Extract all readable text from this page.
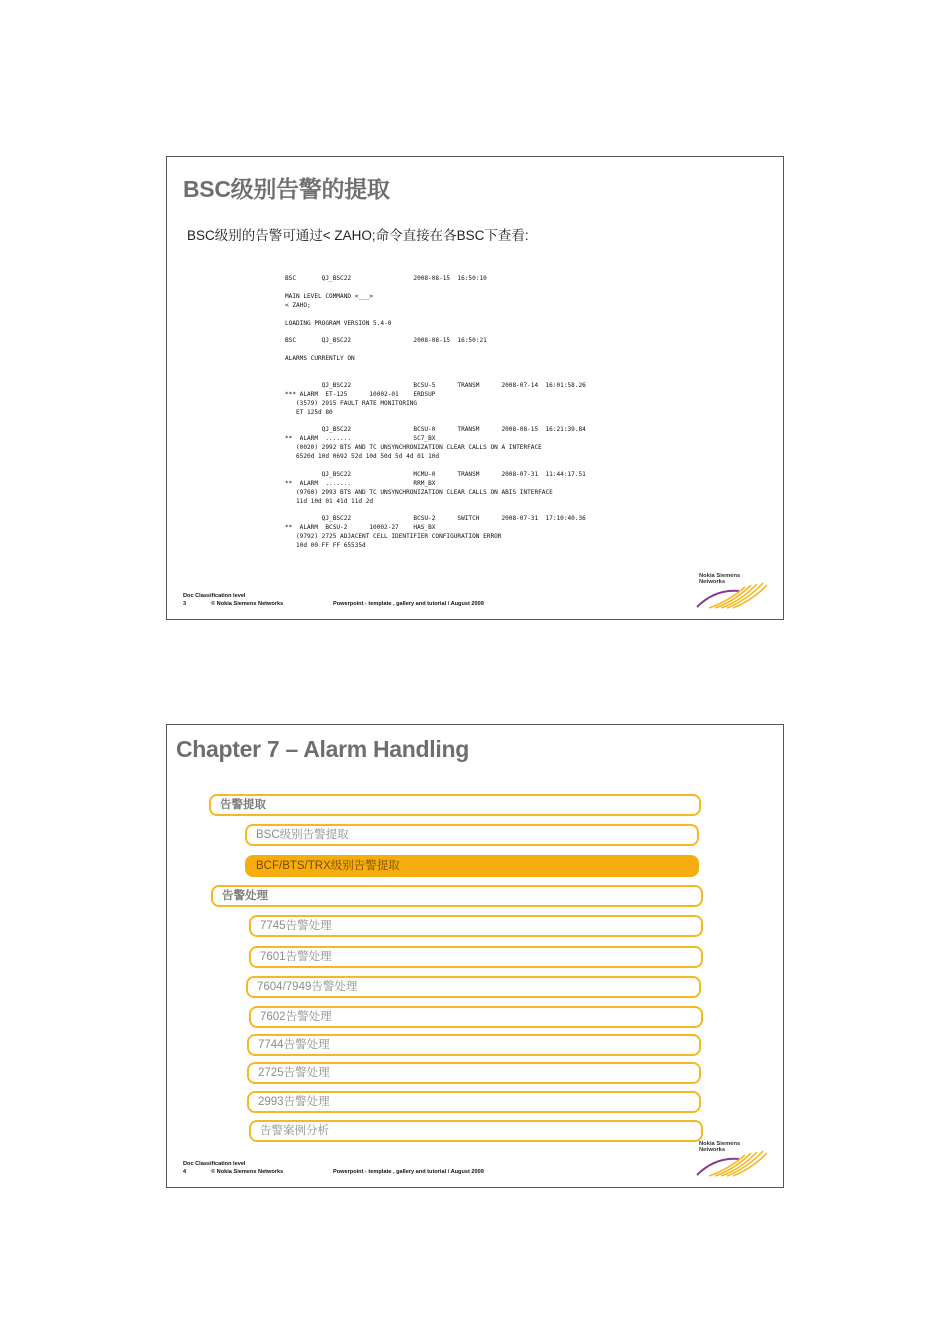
BSC级别告警的提取
BSC级别的告警可通过< ZAHO;命令直接在各BSC下查看:
BSC       QJ_BSC22                 2008-08-15  16:50:10

MAIN LEVEL COMMAND <___>
< ZAHO;

LOADING PROGRAM VERSION 5.4-0

BSC       QJ_BSC22                 2008-08-15  16:50:21

ALARMS CURRENTLY ON

QJ_BSC22                 BCSU-5      TRANSM      2008-07-14  16:01:58.26
*** ALARM  ET-125      10002-01    ERDSUP
(3579) 2915 FAULT RATE MONITORING
ET 125d 80

QJ_BSC22                 BCSU-0      TRANSM      2008-08-15  16:21:39.84
**  ALARM  .......                 SC7_BX
(0020) 2992 BTS AND TC UNSYNCHRONIZATION CLEAR CALLS ON A INTERFACE
6520d 10d 0692 52d 10d 50d 5d 4d 01 10d

QJ_BSC22                 MCMU-0      TRANSM      2008-07-31  11:44:17.51
**  ALARM  .......                 RRM_BX
(9760) 2993 BTS AND TC UNSYNCHRONIZATION CLEAR CALLS ON ABIS INTERFACE
11d 10d 01 41d 11d 2d

QJ_BSC22                 BCSU-2      SWITCH      2008-07-31  17:10:40.36
**  ALARM  BCSU-2      10002-27    HAS_BX
(9792) 2725 ADJACENT CELL IDENTIFIER CONFIGURATION ERROR
10d 00 FF FF 65535d

Doc Classification level
3	© Nokia Siemens Networks	Powerpoint - template , gallery and tutorial / August 2009
Nokia Siemens
Networks
Chapter 7 – Alarm Handling
告警提取
BSC级别告警提取
BCF/BTS/TRX级别告警提取
告警处理
7745告警处理
7601告警处理
7604/7949告警处理
7602告警处理
7744告警处理
2725告警处理
2993告警处理
告警案例分析
Doc Classification level
4	© Nokia Siemens Networks	Powerpoint - template , gallery and tutorial / August 2009
Nokia Siemens
Networks
